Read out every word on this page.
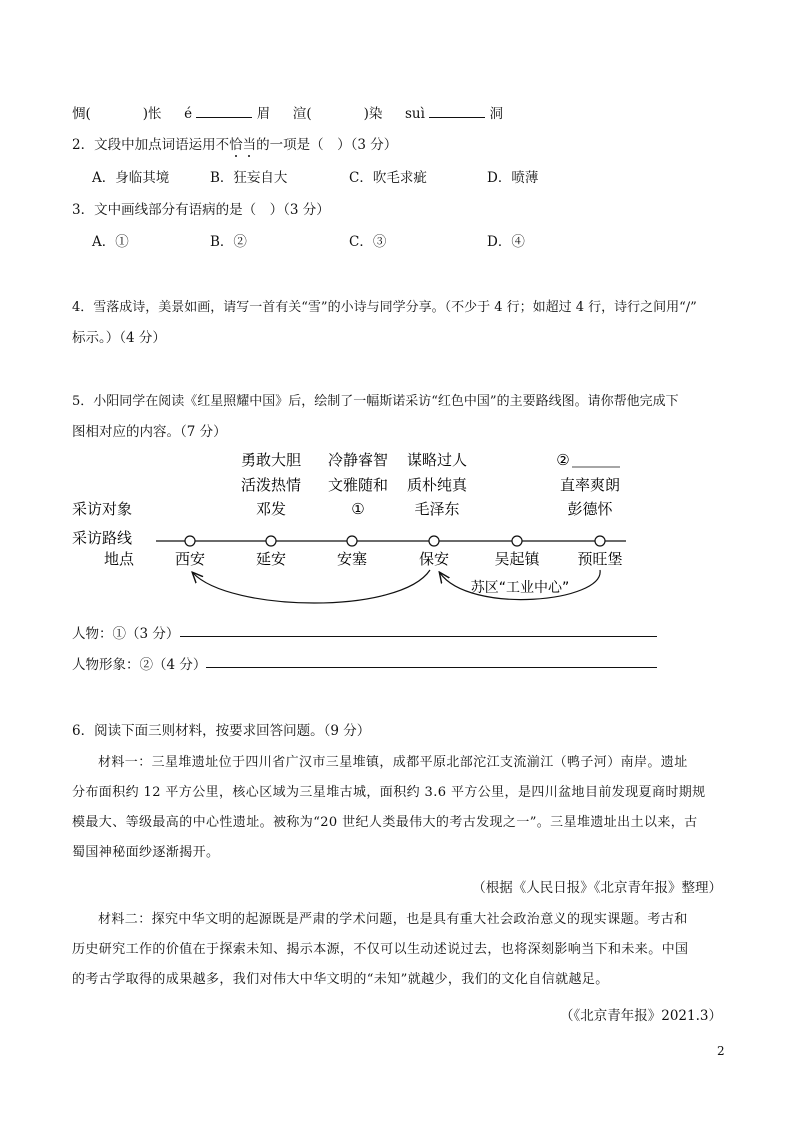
惆(	)怅 é	眉 渲(	)染 suì	洞
2．文段中加点词语运用不恰当的一项是（　）（3 分）
A．身临其境	B．狂妄自大	C．吹毛求疵	D．喷薄
3．文中画线部分有语病的是（　）（3 分）
A．①	B．②	C．③	D．④
4．雪落成诗，美景如画，请写一首有关“雪”的小诗与同学分享。（不少于 4 行；如超过 4 行，诗行之间用“/”
标示。）（4 分）
5．小阳同学在阅读《红星照耀中国》后，绘制了一幅斯诺采访“红色中国”的主要路线图。请你帮他完成下
图相对应的内容。（7 分）
采访对象
采访路线
地点
勇敢大胆 冷静睿智 谋略过人	②
活泼热情 文雅随和 质朴纯真	直率爽朗
邓发	①	毛泽东	彭德怀
西安	延安	安塞	保安	吴起镇	预旺堡
苏区“工业中心”
人物：①（3 分）
人物形象：②（4 分）
6．阅读下面三则材料，按要求回答问题。（9 分）
材料一：三星堆遗址位于四川省广汉市三星堆镇，成都平原北部沱江支流湔江（鸭子河）南岸。遗址
分布面积约 12 平方公里，核心区域为三星堆古城，面积约 3.6 平方公里，是四川盆地目前发现夏商时期规
模最大、等级最高的中心性遗址。被称为“20 世纪人类最伟大的考古发现之一”。三星堆遗址出土以来，古
蜀国神秘面纱逐渐揭开。
（根据《人民日报》《北京青年报》整理）
材料二：探究中华文明的起源既是严肃的学术问题，也是具有重大社会政治意义的现实课题。考古和
历史研究工作的价值在于探索未知、揭示本源，不仅可以生动述说过去，也将深刻影响当下和未来。中国
的考古学取得的成果越多，我们对伟大中华文明的“未知”就越少，我们的文化自信就越足。
（《北京青年报》2021.3）
2
